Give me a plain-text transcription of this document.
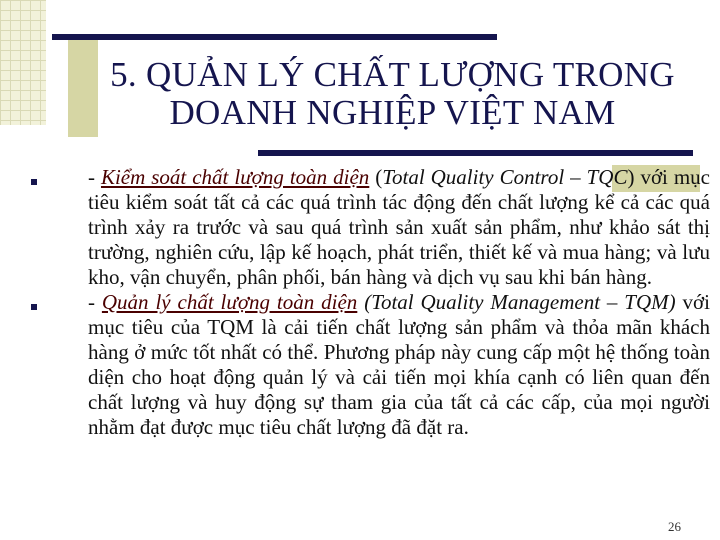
5. QUẢN LÝ CHẤT LƯỢNG TRONG
DOANH NGHIỆP VIỆT NAM

- Kiểm soát chất lượng toàn diện (Total Quality Control – TQC) với mục tiêu kiểm soát tất cả các quá trình tác động đến chất lượng kể cả các quá trình xảy ra trước và sau quá trình sản xuất sản phẩm, như khảo sát thị trường, nghiên cứu, lập kế hoạch, phát triển, thiết kế và mua hàng; và lưu kho, vận chuyển, phân phối, bán hàng và dịch vụ sau khi bán hàng.

- Quản lý chất lượng toàn diện (Total Quality Management – TQM) với mục tiêu của TQM là cải tiến chất lượng sản phẩm và thỏa mãn khách hàng ở mức tốt nhất có thể. Phương pháp này cung cấp một hệ thống toàn diện cho hoạt động quản lý và cải tiến mọi khía cạnh có liên quan đến chất lượng và huy động sự tham gia của tất cả các cấp, của mọi người nhằm đạt được mục tiêu chất lượng đã đặt ra.

26
